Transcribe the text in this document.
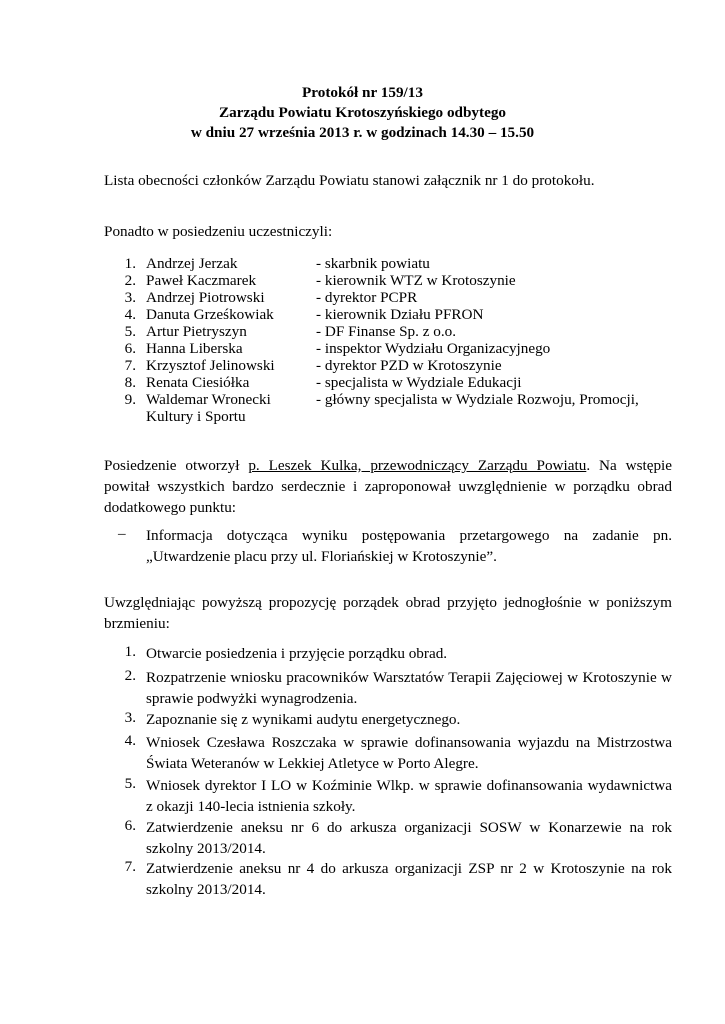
Protokół nr 159/13
Zarządu Powiatu Krotoszyńskiego odbytego
w dniu 27 września 2013 r. w godzinach 14.30 – 15.50
Lista obecności członków Zarządu Powiatu stanowi załącznik nr 1 do protokołu.
Ponadto w posiedzeniu uczestniczyli:
1. Andrzej Jerzak	- skarbnik powiatu
2. Paweł Kaczmarek	- kierownik WTZ w Krotoszynie
3. Andrzej Piotrowski	- dyrektor PCPR
4. Danuta Grześkowiak	- kierownik Działu PFRON
5. Artur Pietryszyn	- DF Finanse Sp. z o.o.
6. Hanna Liberska	- inspektor Wydziału Organizacyjnego
7. Krzysztof Jelinowski	- dyrektor PZD w Krotoszynie
8. Renata Ciesiółka	- specjalista w Wydziale Edukacji
9. Waldemar Wronecki	- główny specjalista w Wydziale Rozwoju, Promocji,
Kultury i Sportu
Posiedzenie otworzył p. Leszek Kulka, przewodniczący Zarządu Powiatu. Na wstępie powitał wszystkich bardzo serdecznie i zaproponował uwzględnienie w porządku obrad dodatkowego punktu:
– Informacja dotycząca wyniku postępowania przetargowego na zadanie pn. „Utwardzenie placu przy ul. Floriańskiej w Krotoszynie”.
Uwzględniając powyższą propozycję porządek obrad przyjęto jednogłośnie w poniższym brzmieniu:
1. Otwarcie posiedzenia i przyjęcie porządku obrad.
2. Rozpatrzenie wniosku pracowników Warsztatów Terapii Zajęciowej w Krotoszynie w sprawie podwyżki wynagrodzenia.
3. Zapoznanie się z wynikami audytu energetycznego.
4. Wniosek Czesława Roszczaka w sprawie dofinansowania wyjazdu na Mistrzostwa Świata Weteranów w Lekkiej Atletyce w Porto Alegre.
5. Wniosek dyrektor I LO w Koźminie Wlkp. w sprawie dofinansowania wydawnictwa z okazji 140-lecia istnienia szkoły.
6. Zatwierdzenie aneksu nr 6 do arkusza organizacji SOSW w Konarzewie na rok szkolny 2013/2014.
7. Zatwierdzenie aneksu nr 4 do arkusza organizacji ZSP nr 2 w Krotoszynie na rok szkolny 2013/2014.
